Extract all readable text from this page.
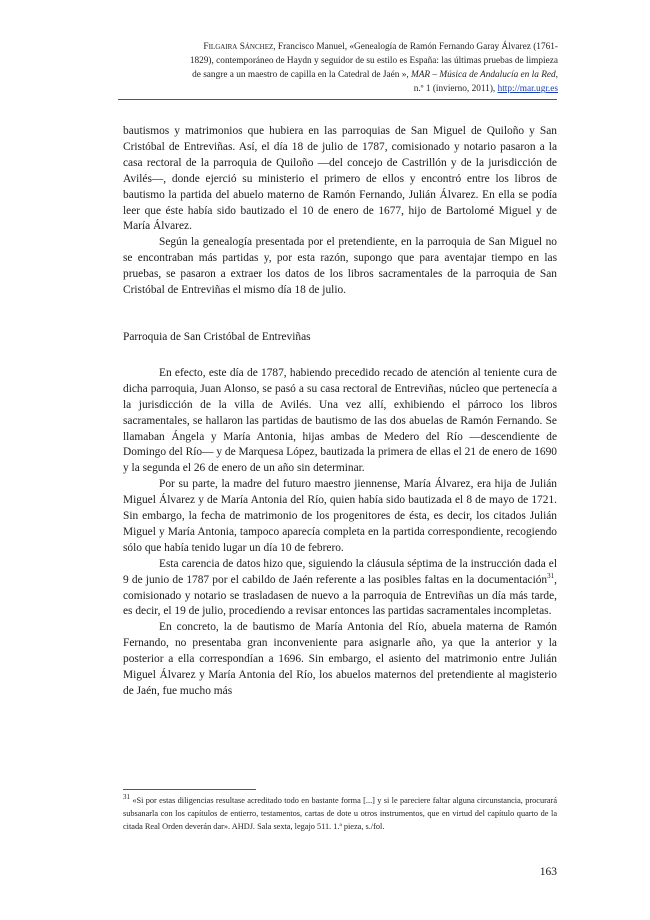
Filgaira Sánchez, Francisco Manuel, «Genealogía de Ramón Fernando Garay Álvarez (1761-
1829), contemporáneo de Haydn y seguidor de su estilo es España: las últimas pruebas de limpieza
de sangre a un maestro de capilla en la Catedral de Jaén », MAR – Música de Andalucía en la Red,
n.º 1 (invierno, 2011), http://mar.ugr.es

bautismos y matrimonios que hubiera en las parroquias de San Miguel de Quiloño y San Cristóbal de Entreviñas. Así, el día 18 de julio de 1787, comisionado y notario pasaron a la casa rectoral de la parroquia de Quiloño —del concejo de Castrillón y de la jurisdicción de Avilés—, donde ejerció su ministerio el primero de ellos y encontró entre los libros de bautismo la partida del abuelo materno de Ramón Fernando, Julián Álvarez. En ella se podía leer que éste había sido bautizado el 10 de enero de 1677, hijo de Bartolomé Miguel y de María Álvarez.

Según la genealogía presentada por el pretendiente, en la parroquia de San Miguel no se encontraban más partidas y, por esta razón, supongo que para aventajar tiempo en las pruebas, se pasaron a extraer los datos de los libros sacramentales de la parroquia de San Cristóbal de Entreviñas el mismo día 18 de julio.

Parroquia de San Cristóbal de Entreviñas

En efecto, este día de 1787, habiendo precedido recado de atención al teniente cura de dicha parroquia, Juan Alonso, se pasó a su casa rectoral de Entreviñas, núcleo que pertenecía a la jurisdicción de la villa de Avilés. Una vez allí, exhibiendo el párroco los libros sacramentales, se hallaron las partidas de bautismo de las dos abuelas de Ramón Fernando. Se llamaban Ángela y María Antonia, hijas ambas de Medero del Río —descendiente de Domingo del Río— y de Marquesa López, bautizada la primera de ellas el 21 de enero de 1690 y la segunda el 26 de enero de un año sin determinar.

Por su parte, la madre del futuro maestro jiennense, María Álvarez, era hija de Julián Miguel Álvarez y de María Antonia del Río, quien había sido bautizada el 8 de mayo de 1721. Sin embargo, la fecha de matrimonio de los progenitores de ésta, es decir, los citados Julián Miguel y María Antonia, tampoco aparecía completa en la partida correspondiente, recogiendo sólo que había tenido lugar un día 10 de febrero.

Esta carencia de datos hizo que, siguiendo la cláusula séptima de la instrucción dada el 9 de junio de 1787 por el cabildo de Jaén referente a las posibles faltas en la documentación$^{31}$, comisionado y notario se trasladasen de nuevo a la parroquia de Entreviñas un día más tarde, es decir, el 19 de julio, procediendo a revisar entonces las partidas sacramentales incompletas.

En concreto, la de bautismo de María Antonia del Río, abuela materna de Ramón Fernando, no presentaba gran inconveniente para asignarle año, ya que la anterior y la posterior a ella correspondían a 1696. Sin embargo, el asiento del matrimonio entre Julián Miguel Álvarez y María Antonia del Río, los abuelos maternos del pretendiente al magisterio de Jaén, fue mucho más

$^{31}$ «Si por estas diligencias resultase acreditado todo en bastante forma [...] y si le pareciere faltar alguna circunstancia, procurará subsanarla con los capítulos de entierro, testamentos, cartas de dote u otros instrumentos, que en virtud del capítulo quarto de la citada Real Orden deverán dar». AHDJ. Sala sexta, legajo 511. 1.ª pieza, s./fol.
163
